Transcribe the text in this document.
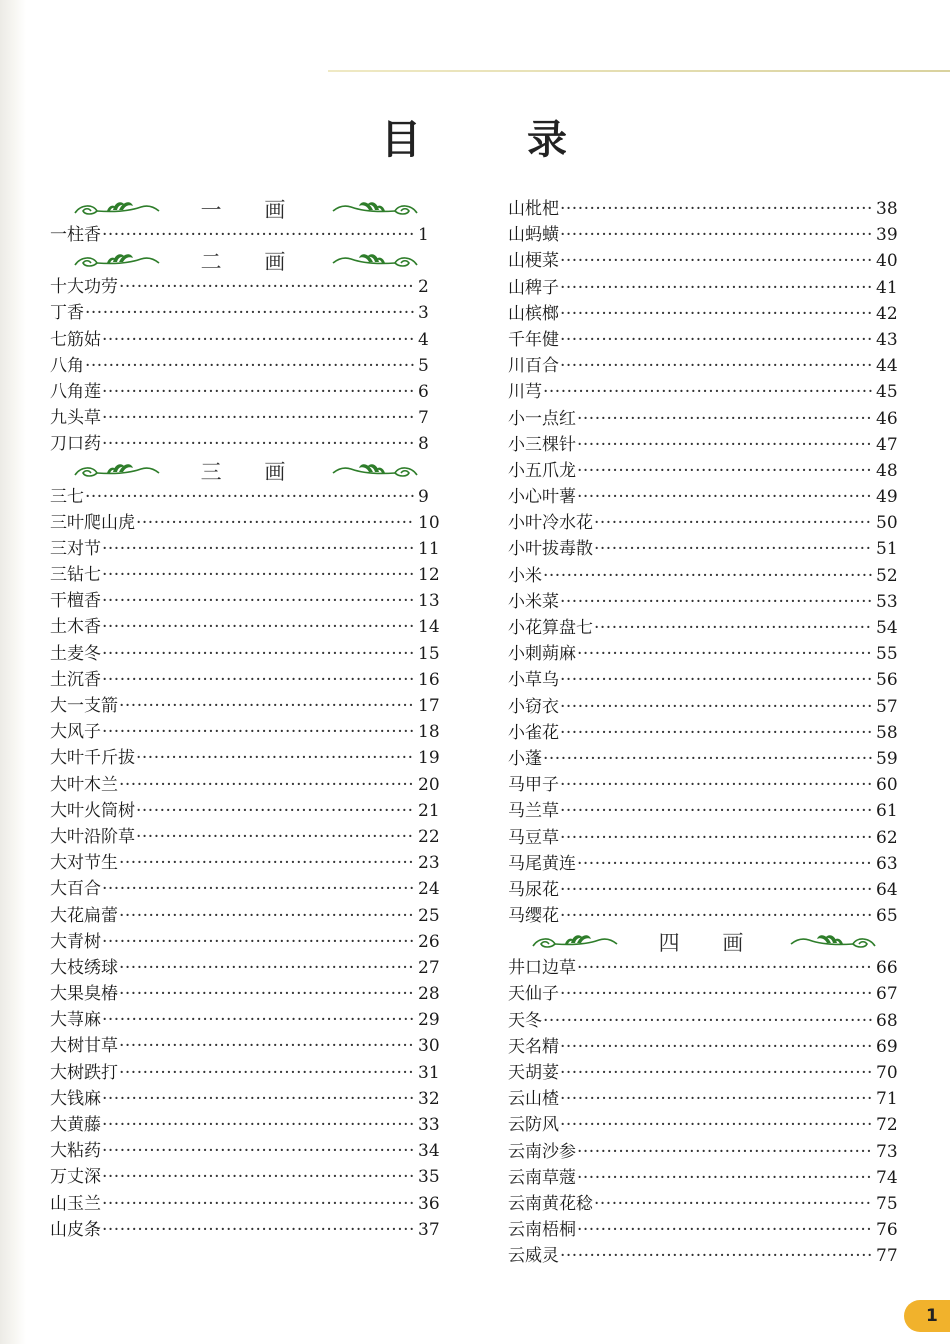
目 录
一 画
一柱香 ·····	1
二 画
十大功劳 ·····	2
丁香 ·····	3
七筋姑 ·····	4
八角 ·····	5
八角莲 ·····	6
九头草 ·····	7
刀口药 ·····	8
三 画
三七 ·····	9
三叶爬山虎 ·····	10
三对节 ·····	11
三钻七 ·····	12
干檀香 ·····	13
土木香 ·····	14
土麦冬 ·····	15
土沉香 ·····	16
大一支箭 ·····	17
大风子 ·····	18
大叶千斤拔 ·····	19
大叶木兰 ·····	20
大叶火筒树 ·····	21
大叶沿阶草 ·····	22
大对节生 ·····	23
大百合 ·····	24
大花扁蕾 ·····	25
大青树 ·····	26
大枝绣球 ·····	27
大果臭椿 ·····	28
大荨麻 ·····	29
大树甘草 ·····	30
大树跌打 ·····	31
大钱麻 ·····	32
大黄藤 ·····	33
大粘药 ·····	34
万丈深 ·····	35
山玉兰 ·····	36
山皮条 ·····	37
山枇杷 ·····	38
山蚂蟥 ·····	39
山梗菜 ·····	40
山稗子 ·····	41
山槟榔 ·····	42
千年健 ·····	43
川百合 ·····	44
川芎 ·····	45
小一点红 ·····	46
小三棵针 ·····	47
小五爪龙 ·····	48
小心叶薯 ·····	49
小叶冷水花 ·····	50
小叶拔毒散 ·····	51
小米 ·····	52
小米菜 ·····	53
小花算盘七 ·····	54
小刺蒴麻 ·····	55
小草乌 ·····	56
小窃衣 ·····	57
小雀花 ·····	58
小蓬 ·····	59
马甲子 ·····	60
马兰草 ·····	61
马豆草 ·····	62
马尾黄连 ·····	63
马尿花 ·····	64
马缨花 ·····	65
四 画
井口边草 ·····	66
天仙子 ·····	67
天冬 ·····	68
天名精 ·····	69
天胡荽 ·····	70
云山楂 ·····	71
云防风 ·····	72
云南沙参 ·····	73
云南草蔻 ·····	74
云南黄花稔 ·····	75
云南梧桐 ·····	76
云威灵 ·····	77
1
